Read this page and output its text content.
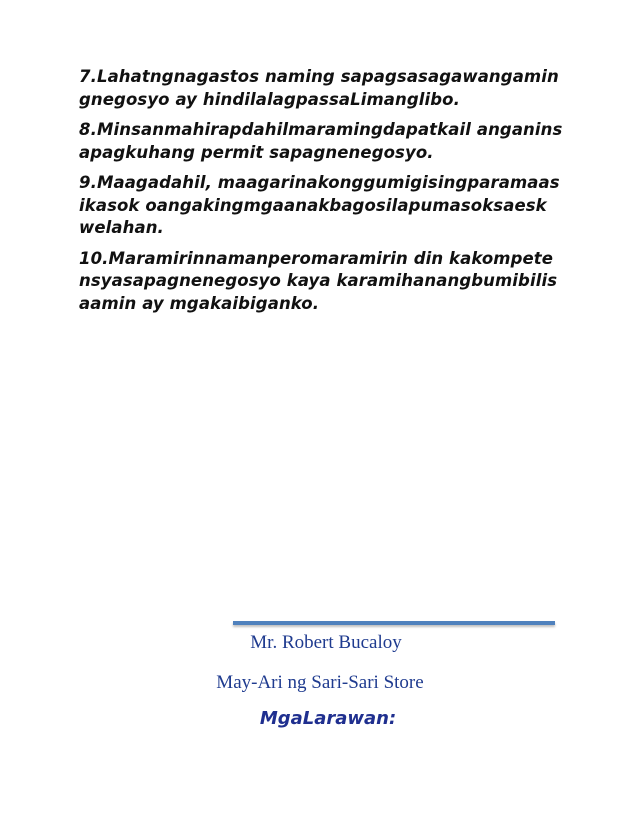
7.Lahatngnagastos naming sapagsasagawangamingnegosyo ay hindilalagpassaLimanglibo.

8.Minsanmahirapdahilmaramingdapatkail anganinsapagkuhang permit sapagnenegosyo.

9.Maagadahil, maagarinakonggumigisingparamaasikasok oangakingmgaanakbagosilapumasoksaesk welahan.

10.Maramirinnamanperomaramirin din kakompetensyasapagnenegosyo kaya karamihanangbumibilisaamin ay mgakaibiganko.

Mr. Robert Bucaloy
May-Ari ng Sari-Sari Store
MgaLarawan:
